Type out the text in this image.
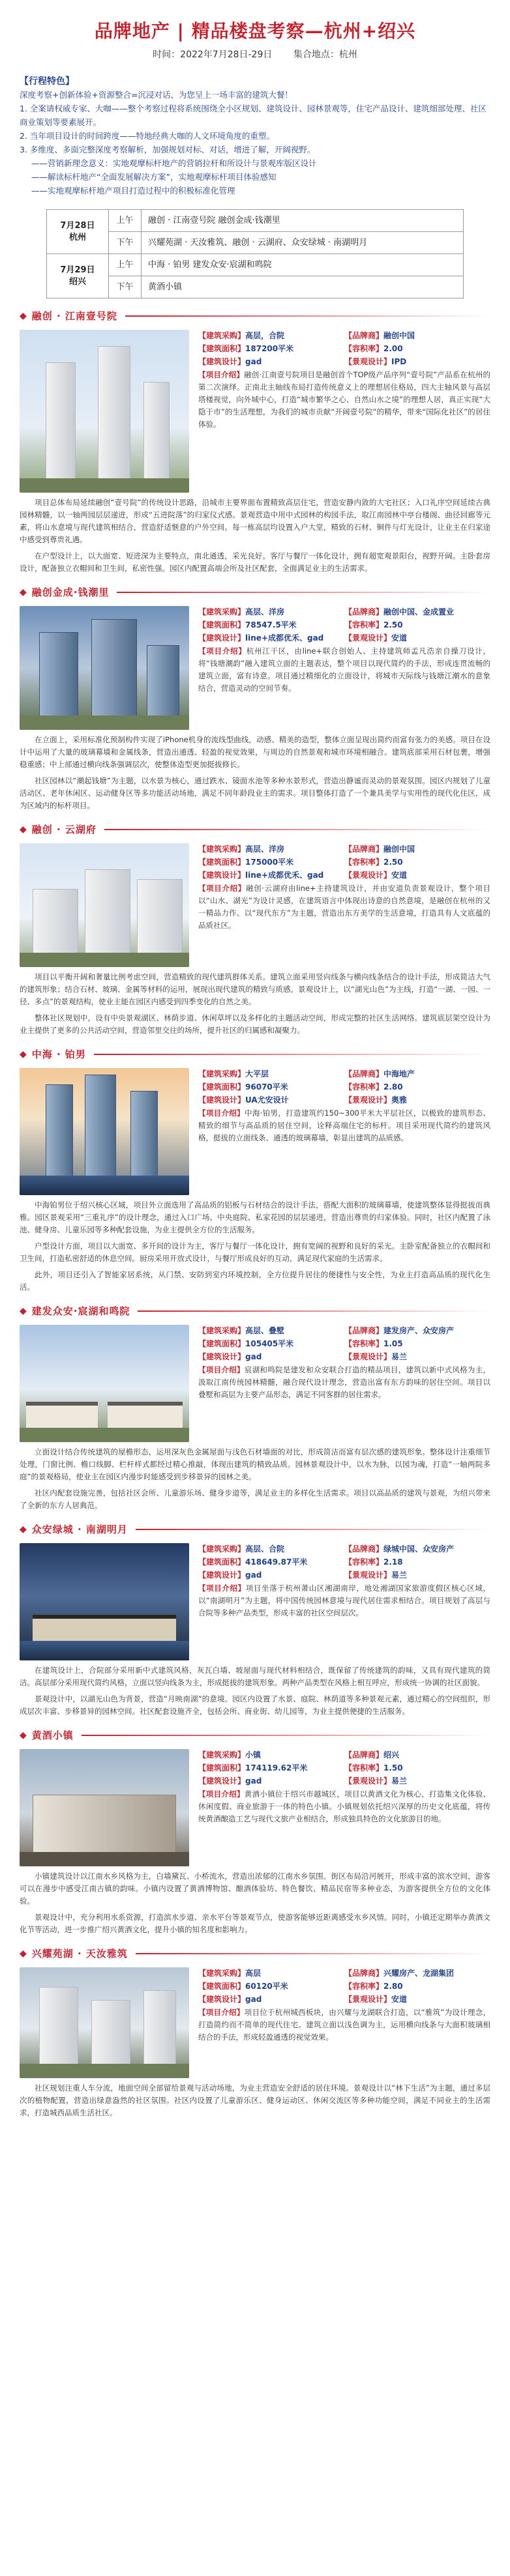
品牌地产 | 精品楼盘考察—杭州+绍兴
时间：2022年7月28日-29日 集合地点：杭州
【行程特色】

深度考察+创新体验+资源整合=沉浸对话、为您呈上一场丰富的建筑大餐！

1. 全案请权威专家、大咖——整个考察过程将系统围绕全小区规划、建筑设计、园林景观等，住宅产品设计、建筑细部处理、社区商业策划等要素展开。

2. 当年项目设计的时间跨度——特地经典大咖的人文环境角度的重塑。

3. 多维度、多面完整深度考察解析，加强规划对标、对话，增进了解，开阔视野。

——营销新理念意义：实地观摩标杆地产的营销拉杆和所设计与景观库版区设计

——解读标杆地产“全面发展解决方案”，实地观摩标杆项目体验感知

——实地观摩标杆地产项目打造过程中的积极标准化管理

7月28日
杭州	上午	融创 · 江南壹号院 融创金成·钱潮里
	下午	兴耀苑湖 · 天汝雅筑、融创 · 云湖府、众安绿城 · 南湖明月

7月29日
绍兴	上午	中海 · 铂男 建发众安·宸湖和鸣院
	下午	黄酒小镇
◆ 融创 · 江南壹号院
【建筑采购】高层，合院	【品牌商】融创中国
【建筑面积】187200平米	【容积率】2.00
【建筑设计】gad	【景观设计】IPD
【项目介绍】融创·江南壹号院项目是融创首个TOP级产品序列“壹号院”产品系在杭州的第二次演绎。正南北主轴线布局打造传统意义上的理想居住格局，四大主轴风景与高层塔楼视觉，向外城中心，打造“城市繁华之心、自然山水之境”的理想人居，真正实现“大隐于市”的生活理想，为我们的城市贡献“开阔壹号院”的精华，带来“国际化社区”的居住体验。
项目总体布局延续融创“壹号院”的传统设计思路，沿城市主要界面布置精致高层住宅，营造安静内敛的大宅社区；入口礼序空间延续古典园林精髓，以一轴两园层层递进，形成“五进院落”的归家仪式感。景观营造中用中式园林的构园手法，取江南园林中亭台楼阁、曲径回廊等元素，将山水意境与现代建筑相结合，营造舒适惬意的户外空间。每一栋高层均设置入户大堂，精致的石材、铜件与灯光设计，让业主在归家途中感受到尊贵礼遇。
在户型设计上，以大面宽、短进深为主要特点，南北通透，采光良好。客厅与餐厅一体化设计，拥有超宽观景阳台，视野开阔。主卧套房设计，配备独立衣帽间和卫生间，私密性强。园区内配置高端会所及社区配套，全面满足业主的生活需求。
◆ 融创金成·钱潮里
【建筑采购】高层、洋房	【品牌商】融创中国、金成置业
【建筑面积】78547.5平米	【容积率】2.50
【建筑设计】line+成都优禾、gad	【景观设计】安道
【项目介绍】杭州江干区，由line+联合创始人、主持建筑师孟凡浩亲自操刀设计，将“钱塘潮韵”融入建筑立面的主题表达，整个项目以现代简约的手法，形成连贯流畅的建筑立面，富有诗意。项目通过精细化的立面设计，将城市天际线与钱塘江潮水的意象结合，营造灵动的空间节奏。
在立面上，采用标准化预制构件实现了iPhone机身的流线型曲线，动感、精美的造型，整体立面呈现出简约而富有张力的美感。项目在设计中运用了大量的玻璃幕墙和金属线条，营造出通透、轻盈的视觉效果，与周边的自然景观和城市环境相融合。建筑底部采用石材包裹，增强稳重感；中上部通过横向线条强调层次，使整体造型更加挺拔修长。
社区园林以“潮起钱塘”为主题，以水景为核心，通过跌水、镜面水池等多种水景形式，营造出静谧而灵动的景观氛围。园区内规划了儿童活动区、老年休闲区、运动健身区等多功能活动场地，满足不同年龄段业主的需求。项目整体打造了一个兼具美学与实用性的现代化住区，成为区域内的标杆项目。
◆ 融创 · 云湖府
【建筑采购】高层、洋房	【品牌商】融创中国
【建筑面积】175000平米	【容积率】2.50
【建筑设计】line+成都优禾、gad	【景观设计】安道
【项目介绍】融创·云湖府由line+主持建筑设计，并由安道负责景观设计，整个项目以“山水、湖光”为设计灵感，在建筑语言中体现出诗意的自然意境，是融创在杭州的又一精品力作。以“现代东方”为主题，营造出东方美学的生活意境，打造具有人文底蕴的品质社区。
项目以平衡开阔和奢量比例考虑空间，营造精致的现代建筑群体关系。建筑立面采用竖向线条与横向线条结合的设计手法，形成简洁大气的建筑形象；结合石材、玻璃、金属等材料的运用，展现出现代建筑的精致与质感。景观设计上，以“湖光山色”为主线，打造“一湖、一园、一径、多点”的景观结构，使业主能在园区内感受到四季变化的自然之美。
整体社区规划中，设有中央景观湖区、林荫步道、休闲草坪以及多样化的主题活动空间，形成完整的社区生活网络。建筑底层架空设计为业主提供了更多的公共活动空间，营造邻里交往的场所，提升社区的归属感和凝聚力。
◆ 中海 · 铂男
【建筑采购】大平层	【品牌商】中海地产
【建筑面积】96070平米	【容积率】2.80
【建筑设计】UA尤安设计	【景观设计】奥雅
【项目介绍】中海·铂男，打造建筑约150~300平米大平层社区，以极致的建筑形态、精致的细节与高品质的居住空间，诠释高端住宅的标杆。项目采用现代简约的建筑风格，挺拔的立面线条、通透的玻璃幕墙，彰显出建筑的品质感。
中海铂男位于绍兴核心区域，项目外立面选用了高品质的铝板与石材结合的设计手法，搭配大面积的玻璃幕墙，使建筑整体显得挺拔而典雅。园区景观采用“三重礼序”的设计理念，通过入口广场、中央庭院、私家花园的层层递进，营造出尊贵的归家体验。同时，社区内配置了泳池、健身房、儿童乐园等多种配套设施，为业主提供全方位的生活服务。
户型设计方面，项目以大面宽、多开间的设计为主，客厅与餐厅一体化设计，拥有宽阔的视野和良好的采光。主卧室配备独立的衣帽间和卫生间，打造私密舒适的休息空间。厨房采用开放式设计，与餐厅形成良好的互动，满足现代家庭的生活需求。
此外，项目还引入了智能家居系统，从门禁、安防到室内环境控制，全方位提升居住的便捷性与安全性，为业主打造高品质的现代化生活。
◆ 建发众安·宸湖和鸣院
【建筑采购】高层、叠墅	【品牌商】建发房产、众安房产
【建筑面积】105405平米	【容积率】1.05
【建筑设计】gad	【景观设计】易兰
【项目介绍】宸湖和鸣院是建发和众安联合打造的精品项目，建筑以新中式风格为主，汲取江南传统园林精髓，融合现代设计理念，营造出富有东方韵味的居住空间。项目以叠墅和高层为主要产品形态，满足不同客群的居住需求。
立面设计结合传统建筑的屋檐形态，运用深灰色金属屋面与浅色石材墙面的对比，形成简洁而富有层次感的建筑形象。整体设计注重细节处理，门窗比例、檐口线脚、栏杆样式都经过精心推敲，体现出建筑的精致品质。园林景观设计中，以水为脉，以园为魂，打造“一轴两院多庭”的景观格局，使业主在园区内漫步时能感受到步移景异的园林之美。
社区内配套设施完善，包括社区会所、儿童游乐场、健身步道等，满足业主的多样化生活需求。项目以高品质的建筑与景观，为绍兴带来了全新的东方人居典范。
◆ 众安绿城 · 南湖明月
【建筑采购】高层、合院	【品牌商】绿城中国、众安房产
【建筑面积】418649.87平米	【容积率】2.18
【建筑设计】gad	【景观设计】易兰
【项目介绍】项目坐落于杭州萧山区湘湖南岸，地处湘湖国家旅游度假区核心区域，以“南湖明月”为主题，将中国传统园林意境与现代居住需求相结合。项目规划了高层与合院等多种产品类型，形成丰富的社区空间层次。
在建筑设计上，合院部分采用新中式建筑风格，灰瓦白墙、坡屋面与现代材料相结合，既保留了传统建筑的韵味，又具有现代建筑的简洁。高层部分采用现代简约风格，立面以竖向线条为主，形成挺拔的建筑形象。两种产品类型在风格上相互呼应，形成统一协调的社区面貌。
景观设计中，以湖光山色为背景，营造“月映南湖”的意境。园区内设置了水景、庭院、林荫道等多种景观元素，通过精心的空间组织，形成层次丰富、步移景异的园林空间。社区配套设施齐全，包括会所、商业街、幼儿园等，为业主提供便捷的生活服务。
◆ 黄酒小镇
【建筑采购】小镇	【品牌商】绍兴
【建筑面积】174119.62平米	【容积率】1.50
【建筑设计】gad	【景观设计】易兰
【项目介绍】黄酒小镇位于绍兴市越城区，项目以黄酒文化为核心，打造集文化体验、休闲度假、商业旅游于一体的特色小镇。小镇规划依托绍兴深厚的历史文化底蕴，将传统黄酒酿造工艺与现代文旅产业相结合，形成独具特色的文化旅游目的地。
小镇建筑设计以江南水乡风格为主，白墙黛瓦、小桥流水，营造出浓郁的江南水乡氛围。街区布局沿河展开，形成丰富的滨水空间，游客可以在漫步中感受江南古镇的韵味。小镇内设置了黄酒博物馆、酿酒体验坊、特色餐饮、精品民宿等多种业态，为游客提供全方位的文化体验。
景观设计中，充分利用水系资源，打造滨水步道、亲水平台等景观节点，使游客能够近距离感受水乡风情。同时，小镇还定期举办黄酒文化节等活动，进一步推广绍兴黄酒文化，提升小镇的知名度和影响力。
◆ 兴耀苑湖 · 天汝雅筑
【建筑采购】高层	【品牌商】兴耀房产、龙湖集团
【建筑面积】60120平米	【容积率】2.80
【建筑设计】gad	【景观设计】安道
【项目介绍】项目位于杭州城西板块，由兴耀与龙湖联合打造，以“雅筑”为设计理念，打造简约而不简单的现代住宅。建筑立面以浅色调为主，运用横向线条与大面积玻璃相结合的手法，形成轻盈通透的视觉效果。
社区规划注重人车分流，地面空间全部留给景观与活动场地，为业主营造安全舒适的居住环境。景观设计以“林下生活”为主题，通过多层次的植物配置，营造出绿意盎然的社区氛围。社区内设置了儿童游乐区、健身运动区、休闲交流区等多种功能空间，满足不同业主的生活需求，打造城西品质生活社区。
